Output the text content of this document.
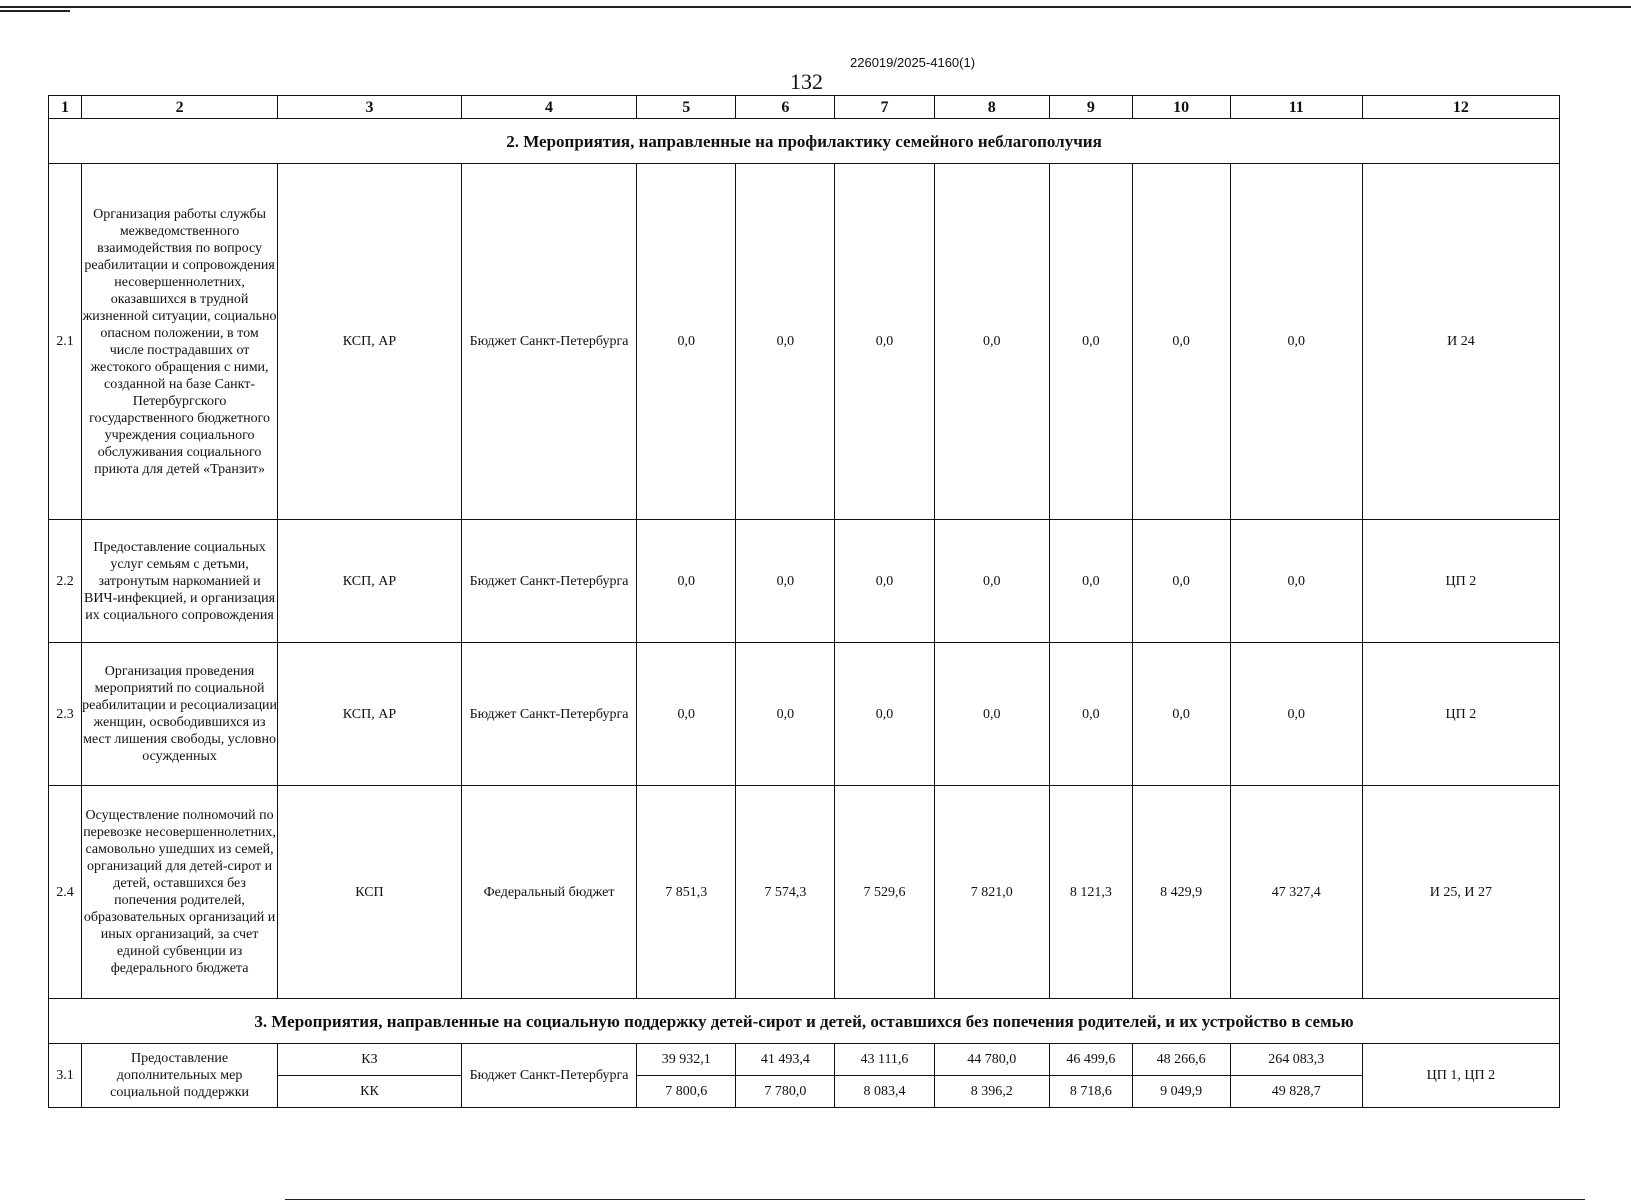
226019/2025-4160(1)
132
1	2	3	4	5	6	7	8	9	10	11	12
2. Мероприятия, направленные на профилактику семейного неблагополучия											
2.1	Организация работы службы межведомственного взаимодействия по вопросу реабилитации и сопровождения несовершеннолетних, оказавшихся в трудной жизненной ситуации, социально опасном положении, в том числе пострадавших от жестокого обращения с ними, созданной на базе Санкт-Петербургского государственного бюджетного учреждения социального обслуживания социального приюта для детей «Транзит»	КСП, АР	Бюджет Санкт-Петербурга	0,0	0,0	0,0	0,0	0,0	0,0	0,0	И 24
2.2	Предоставление социальных услуг семьям с детьми, затронутым наркоманией и ВИЧ-инфекцией, и организация их социального сопровождения	КСП, АР	Бюджет Санкт-Петербурга	0,0	0,0	0,0	0,0	0,0	0,0	0,0	ЦП 2
2.3	Организация проведения мероприятий по социальной реабилитации и ресоциализации женщин, освободившихся из мест лишения свободы, условно осужденных	КСП, АР	Бюджет Санкт-Петербурга	0,0	0,0	0,0	0,0	0,0	0,0	0,0	ЦП 2
2.4	Осуществление полномочий по перевозке несовершеннолетних, самовольно ушедших из семей, организаций для детей-сирот и детей, оставшихся без попечения родителей, образовательных организаций и иных организаций, за счет единой субвенции из федерального бюджета	КСП	Федеральный бюджет	7 851,3	7 574,3	7 529,6	7 821,0	8 121,3	8 429,9	47 327,4	И 25, И 27
3. Мероприятия, направленные на социальную поддержку детей-сирот и детей, оставшихся без попечения родителей, и их устройство в семью											
3.1	Предоставление дополнительных мер социальной поддержки	КЗ	Бюджет Санкт-Петербурга	39 932,1	41 493,4	43 111,6	44 780,0	46 499,6	48 266,6	264 083,3	ЦП 1, ЦП 2
		КК		7 800,6	7 780,0	8 083,4	8 396,2	8 718,6	9 049,9	49 828,7	
